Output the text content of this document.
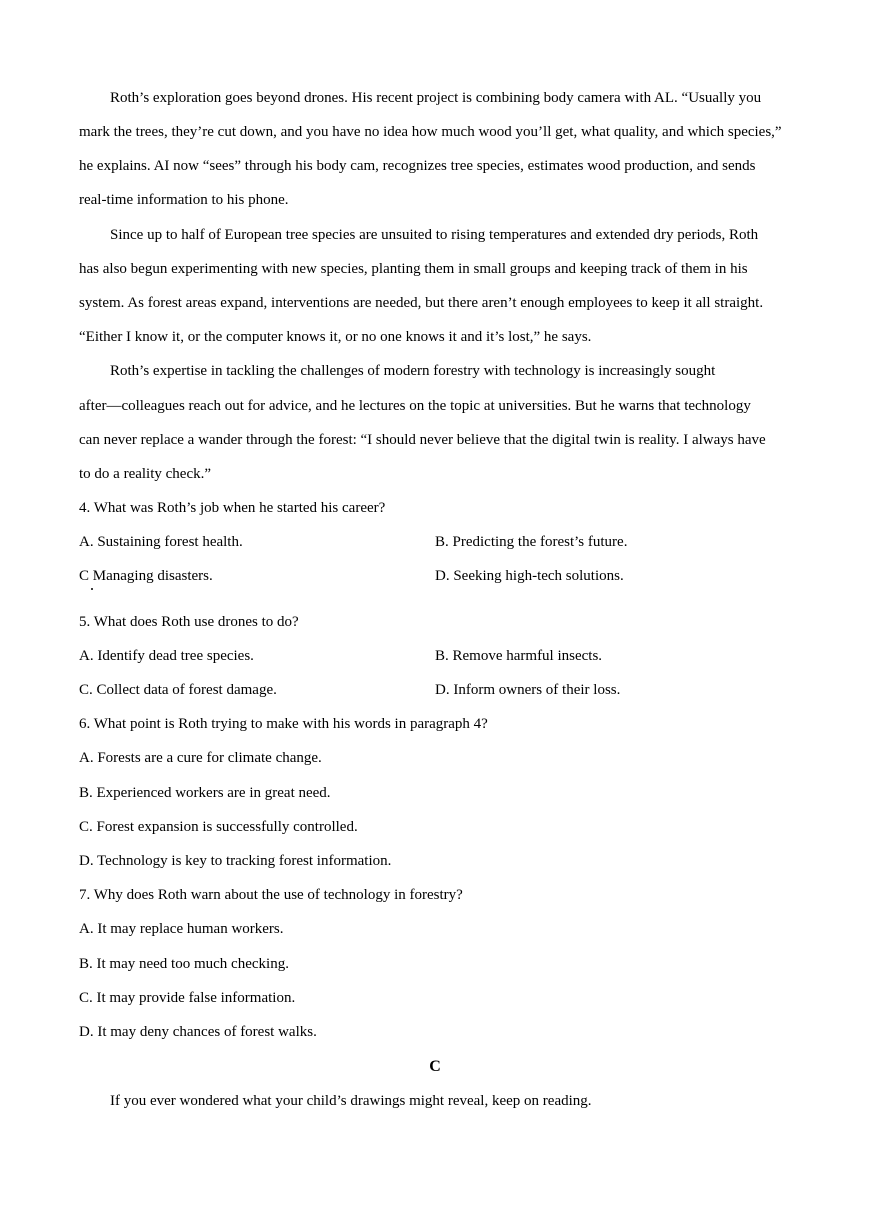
Roth’s exploration goes beyond drones. His recent project is combining body camera with AL. “Usually you
mark the trees, they’re cut down, and you have no idea how much wood you’ll get, what quality, and which species,”
he explains. AI now “sees” through his body cam, recognizes tree species, estimates wood production, and sends
real-time information to his phone.
Since up to half of European tree species are unsuited to rising temperatures and extended dry periods, Roth
has also begun experimenting with new species, planting them in small groups and keeping track of them in his
system. As forest areas expand, interventions are needed, but there aren’t enough employees to keep it all straight.
“Either I know it, or the computer knows it, or no one knows it and it’s lost,” he says.
Roth’s expertise in tackling the challenges of modern forestry with technology is increasingly sought
after—colleagues reach out for advice, and he lectures on the topic at universities. But he warns that technology
can never replace a wander through the forest: “I should never believe that the digital twin is reality. I always have
to do a reality check.”
4. What was Roth’s job when he started his career?
A. Sustaining forest health.	B. Predicting the forest’s future.
C Managing disasters.	D. Seeking high-tech solutions.
5. What does Roth use drones to do?
A. Identify dead tree species.	B. Remove harmful insects.
C. Collect data of forest damage.	D. Inform owners of their loss.
6. What point is Roth trying to make with his words in paragraph 4?
A. Forests are a cure for climate change.
B. Experienced workers are in great need.
C. Forest expansion is successfully controlled.
D. Technology is key to tracking forest information.
7. Why does Roth warn about the use of technology in forestry?
A. It may replace human workers.
B. It may need too much checking.
C. It may provide false information.
D. It may deny chances of forest walks.
C
If you ever wondered what your child’s drawings might reveal, keep on reading.
